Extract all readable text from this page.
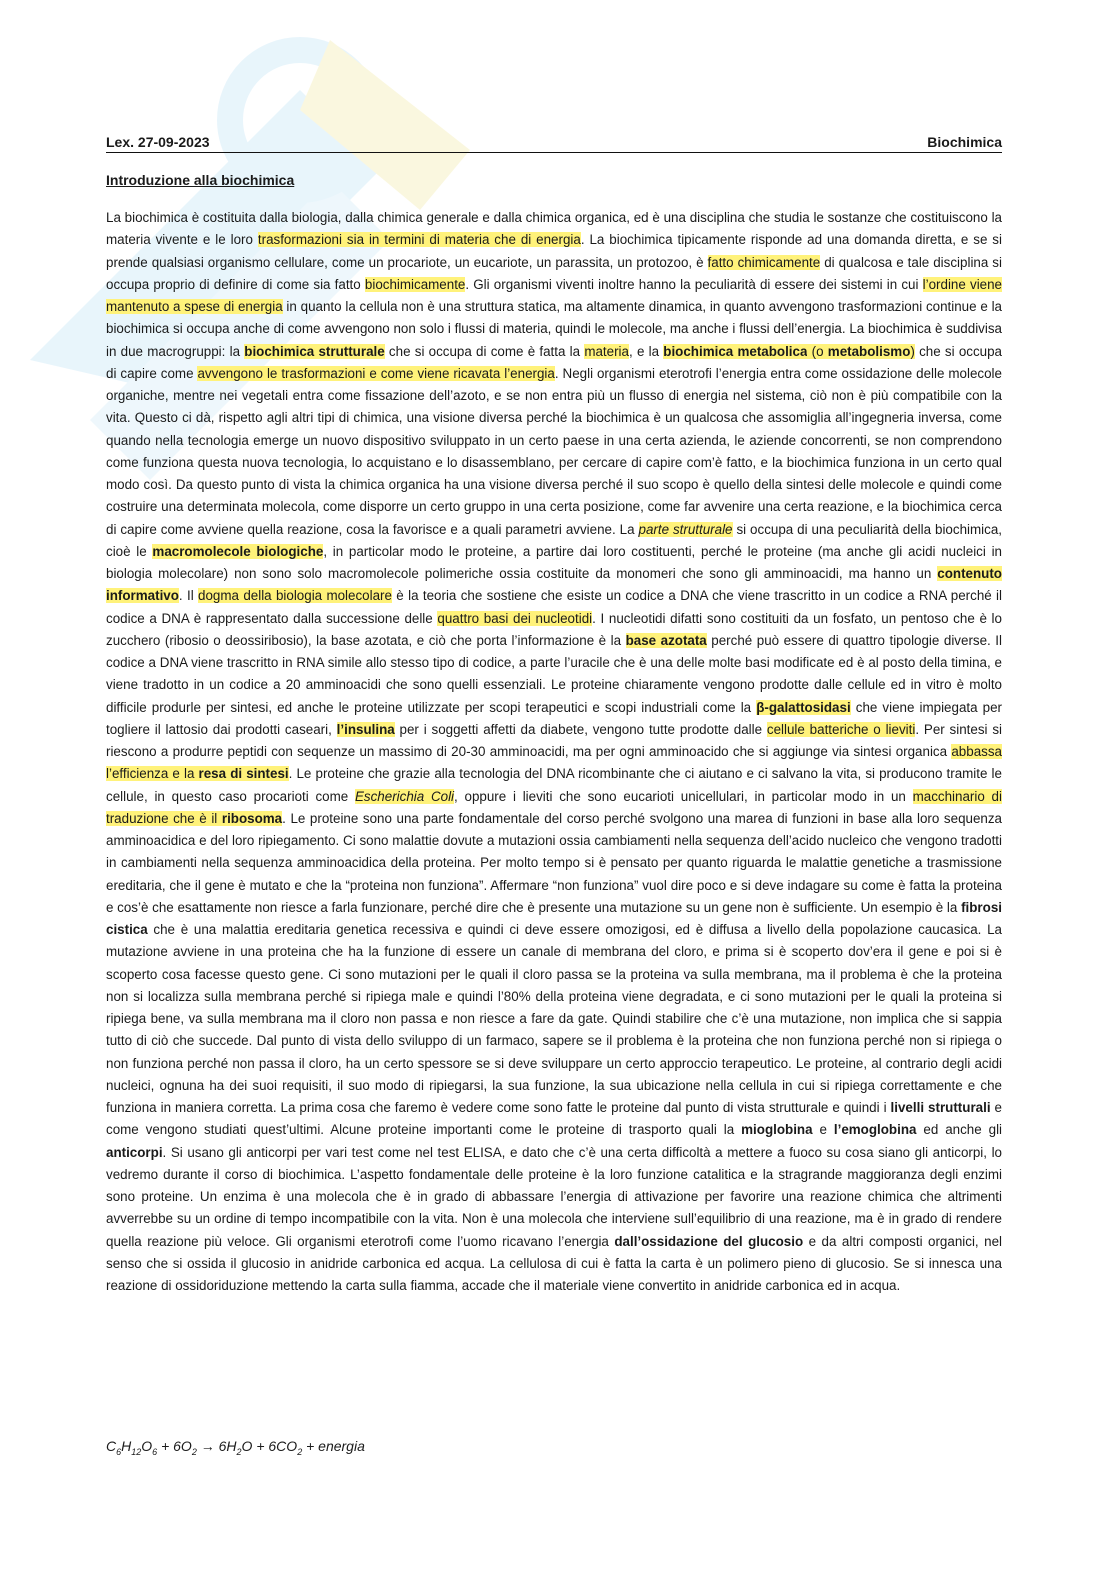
Lex. 27-09-2023	Biochimica
Introduzione alla biochimica
La biochimica è costituita dalla biologia, dalla chimica generale e dalla chimica organica, ed è una disciplina che studia le sostanze che costituiscono la materia vivente e le loro trasformazioni sia in termini di materia che di energia. La biochimica tipicamente risponde ad una domanda diretta, e se si prende qualsiasi organismo cellulare, come un procariote, un eucariote, un parassita, un protozoo, è fatto chimicamente di qualcosa e tale disciplina si occupa proprio di definire di come sia fatto biochimicamente. Gli organismi viventi inoltre hanno la peculiarità di essere dei sistemi in cui l’ordine viene mantenuto a spese di energia in quanto la cellula non è una struttura statica, ma altamente dinamica, in quanto avvengono trasformazioni continue e la biochimica si occupa anche di come avvengono non solo i flussi di materia, quindi le molecole, ma anche i flussi dell’energia. La biochimica è suddivisa in due macrogruppi: la biochimica strutturale che si occupa di come è fatta la materia, e la biochimica metabolica (o metabolismo) che si occupa di capire come avvengono le trasformazioni e come viene ricavata l’energia. Negli organismi eterotrofi l’energia entra come ossidazione delle molecole organiche, mentre nei vegetali entra come fissazione dell’azoto, e se non entra più un flusso di energia nel sistema, ciò non è più compatibile con la vita. Questo ci dà, rispetto agli altri tipi di chimica, una visione diversa perché la biochimica è un qualcosa che assomiglia all’ingegneria inversa, come quando nella tecnologia emerge un nuovo dispositivo sviluppato in un certo paese in una certa azienda, le aziende concorrenti, se non comprendono come funziona questa nuova tecnologia, lo acquistano e lo disassemblano, per cercare di capire com’è fatto, e la biochimica funziona in un certo qual modo così. Da questo punto di vista la chimica organica ha una visione diversa perché il suo scopo è quello della sintesi delle molecole e quindi come costruire una determinata molecola, come disporre un certo gruppo in una certa posizione, come far avvenire una certa reazione, e la biochimica cerca di capire come avviene quella reazione, cosa la favorisce e a quali parametri avviene. La parte strutturale si occupa di una peculiarità della biochimica, cioè le macromolecole biologiche, in particolar modo le proteine, a partire dai loro costituenti, perché le proteine (ma anche gli acidi nucleici in biologia molecolare) non sono solo macromolecole polimeriche ossia costituite da monomeri che sono gli amminoacidi, ma hanno un contenuto informativo. Il dogma della biologia molecolare è la teoria che sostiene che esiste un codice a DNA che viene trascritto in un codice a RNA perché il codice a DNA è rappresentato dalla successione delle quattro basi dei nucleotidi. I nucleotidi difatti sono costituiti da un fosfato, un pentoso che è lo zucchero (ribosio o deossiribosio), la base azotata, e ciò che porta l’informazione è la base azotata perché può essere di quattro tipologie diverse. Il codice a DNA viene trascritto in RNA simile allo stesso tipo di codice, a parte l’uracile che è una delle molte basi modificate ed è al posto della timina, e viene tradotto in un codice a 20 amminoacidi che sono quelli essenziali. Le proteine chiaramente vengono prodotte dalle cellule ed in vitro è molto difficile produrle per sintesi, ed anche le proteine utilizzate per scopi terapeutici e scopi industriali come la β-galattosidasi che viene impiegata per togliere il lattosio dai prodotti caseari, l’insulina per i soggetti affetti da diabete, vengono tutte prodotte dalle cellule batteriche o lieviti. Per sintesi si riescono a produrre peptidi con sequenze un massimo di 20-30 amminoacidi, ma per ogni amminoacido che si aggiunge via sintesi organica abbassa l’efficienza e la resa di sintesi. Le proteine che grazie alla tecnologia del DNA ricombinante che ci aiutano e ci salvano la vita, si producono tramite le cellule, in questo caso procarioti come Escherichia Coli, oppure i lieviti che sono eucarioti unicellulari, in particolar modo in un macchinario di traduzione che è il ribosoma. Le proteine sono una parte fondamentale del corso perché svolgono una marea di funzioni in base alla loro sequenza amminoacidica e del loro ripiegamento. Ci sono malattie dovute a mutazioni ossia cambiamenti nella sequenza dell’acido nucleico che vengono tradotti in cambiamenti nella sequenza amminoacidica della proteina. Per molto tempo si è pensato per quanto riguarda le malattie genetiche a trasmissione ereditaria, che il gene è mutato e che la “proteina non funziona”. Affermare “non funziona” vuol dire poco e si deve indagare su come è fatta la proteina e cos’è che esattamente non riesce a farla funzionare, perché dire che è presente una mutazione su un gene non è sufficiente. Un esempio è la fibrosi cistica che è una malattia ereditaria genetica recessiva e quindi ci deve essere omozigosi, ed è diffusa a livello della popolazione caucasica. La mutazione avviene in una proteina che ha la funzione di essere un canale di membrana del cloro, e prima si è scoperto dov’era il gene e poi si è scoperto cosa facesse questo gene. Ci sono mutazioni per le quali il cloro passa se la proteina va sulla membrana, ma il problema è che la proteina non si localizza sulla membrana perché si ripiega male e quindi l’80% della proteina viene degradata, e ci sono mutazioni per le quali la proteina si ripiega bene, va sulla membrana ma il cloro non passa e non riesce a fare da gate. Quindi stabilire che c’è una mutazione, non implica che si sappia tutto di ciò che succede. Dal punto di vista dello sviluppo di un farmaco, sapere se il problema è la proteina che non funziona perché non si ripiega o non funziona perché non passa il cloro, ha un certo spessore se si deve sviluppare un certo approccio terapeutico. Le proteine, al contrario degli acidi nucleici, ognuna ha dei suoi requisiti, il suo modo di ripiegarsi, la sua funzione, la sua ubicazione nella cellula in cui si ripiega correttamente e che funziona in maniera corretta. La prima cosa che faremo è vedere come sono fatte le proteine dal punto di vista strutturale e quindi i livelli strutturali e come vengono studiati quest’ultimi. Alcune proteine importanti come le proteine di trasporto quali la mioglobina e l’emoglobina ed anche gli anticorpi. Si usano gli anticorpi per vari test come nel test ELISA, e dato che c’è una certa difficoltà a mettere a fuoco su cosa siano gli anticorpi, lo vedremo durante il corso di biochimica. L’aspetto fondamentale delle proteine è la loro funzione catalitica e la stragrande maggioranza degli enzimi sono proteine. Un enzima è una molecola che è in grado di abbassare l’energia di attivazione per favorire una reazione chimica che altrimenti avverrebbe su un ordine di tempo incompatibile con la vita. Non è una molecola che interviene sull’equilibrio di una reazione, ma è in grado di rendere quella reazione più veloce. Gli organismi eterotrofi come l’uomo ricavano l’energia dall’ossidazione del glucosio e da altri composti organici, nel senso che si ossida il glucosio in anidride carbonica ed acqua. La cellulosa di cui è fatta la carta è un polimero pieno di glucosio. Se si innesca una reazione di ossidoriduzione mettendo la carta sulla fiamma, accade che il materiale viene convertito in anidride carbonica ed in acqua.
$C_6H_{12}O_6 + 6O_2 \to 6H_2O + 6CO_2$ + energia
